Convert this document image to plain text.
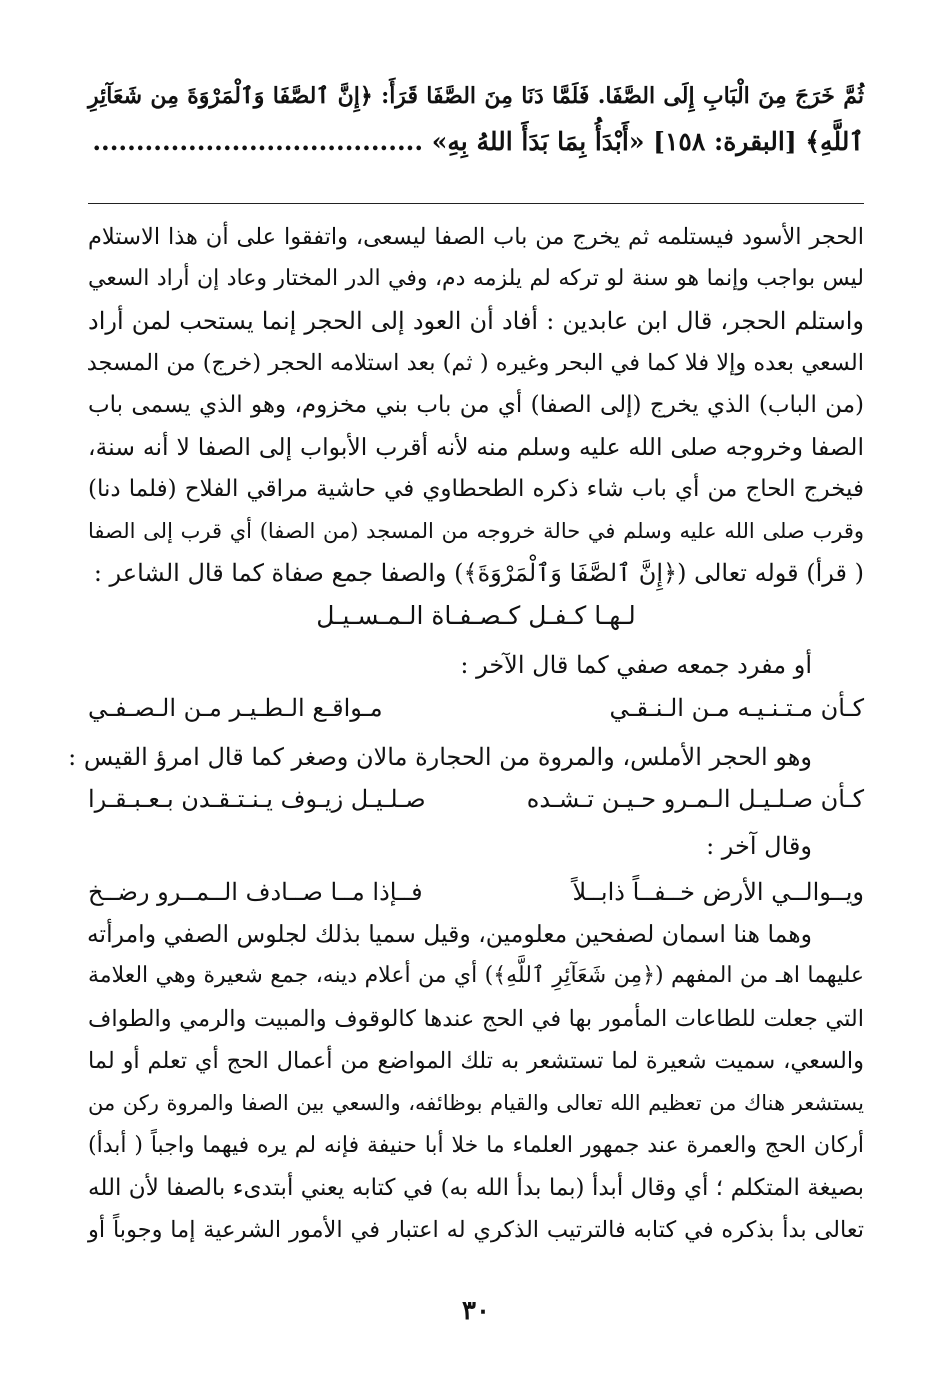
ثُمَّ خَرَجَ مِنَ الْبَابِ إِلَى الصَّفَا. فَلَمَّا دَنَا مِنَ الصَّفَا قَرَأَ: ﴿إِنَّ ٱلصَّفَا وَٱلْمَرْوَةَ مِن شَعَآئِرِ
ٱللَّهِ﴾ [البقرة: ١٥٨] «أَبْدَأُ بِمَا بَدَأَ اللهُ بِهِ» ......................................
الحجر الأسود فيستلمه ثم يخرج من باب الصفا ليسعى، واتفقوا على أن هذا الاستلام
ليس بواجب وإنما هو سنة لو تركه لم يلزمه دم، وفي الدر المختار وعاد إن أراد السعي
واستلم الحجر، قال ابن عابدين : أفاد أن العود إلى الحجر إنما يستحب لمن أراد
السعي بعده وإلا فلا كما في البحر وغيره ( ثم) بعد استلامه الحجر (خرج) من المسجد
(من الباب) الذي يخرج (إلى الصفا) أي من باب بني مخزوم، وهو الذي يسمى باب
الصفا وخروجه صلى الله عليه وسلم منه لأنه أقرب الأبواب إلى الصفا لا أنه سنة،
فيخرج الحاج من أي باب شاء ذكره الطحطاوي في حاشية مراقي الفلاح (فلما دنا)
وقرب صلى الله عليه وسلم في حالة خروجه من المسجد (من الصفا) أي قرب إلى الصفا
( قرأ) قوله تعالى (﴿إِنَّ ٱلصَّفَا وَٱلْمَرْوَةَ﴾) والصفا جمع صفاة كما قال الشاعر :
لـهـا كـفـل كـصـفـاة الـمـسـيـل
أو مفرد جمعه صفي كما قال الآخر :
كـأن مـتـنـيـه مـن الـنـقـي
مـواقـع الـطـيـر مـن الـصـفـي
وهو الحجر الأملس، والمروة من الحجارة مالان وصغر كما قال امرؤ القيس :
كـأن صـلـيـل الـمـرو حـيـن تـشـده
صـلـيـل زيـوف يـنـتـقـدن بـعـبـقـرا
وقال آخر :
ويــوالــي الأرض خــفــاً ذابــلاً
فــإذا مــا صــادف الــمــرو رضــخ
وهما هنا اسمان لصفحين معلومين، وقيل سميا بذلك لجلوس الصفي وامرأته
عليهما اهـ من المفهم (﴿مِن شَعَآئِرِ ٱللَّهِ﴾) أي من أعلام دينه، جمع شعيرة وهي العلامة
التي جعلت للطاعات المأمور بها في الحج عندها كالوقوف والمبيت والرمي والطواف
والسعي، سميت شعيرة لما تستشعر به تلك المواضع من أعمال الحج أي تعلم أو لما
يستشعر هناك من تعظيم الله تعالى والقيام بوظائفه، والسعي بين الصفا والمروة ركن من
أركان الحج والعمرة عند جمهور العلماء ما خلا أبا حنيفة فإنه لم يره فيهما واجباً ( أبدأ)
بصيغة المتكلم ؛ أي وقال أبدأ (بما بدأ الله به) في كتابه يعني أبتدىء بالصفا لأن الله
تعالى بدأ بذكره في كتابه فالترتيب الذكري له اعتبار في الأمور الشرعية إما وجوباً أو
٣٠
